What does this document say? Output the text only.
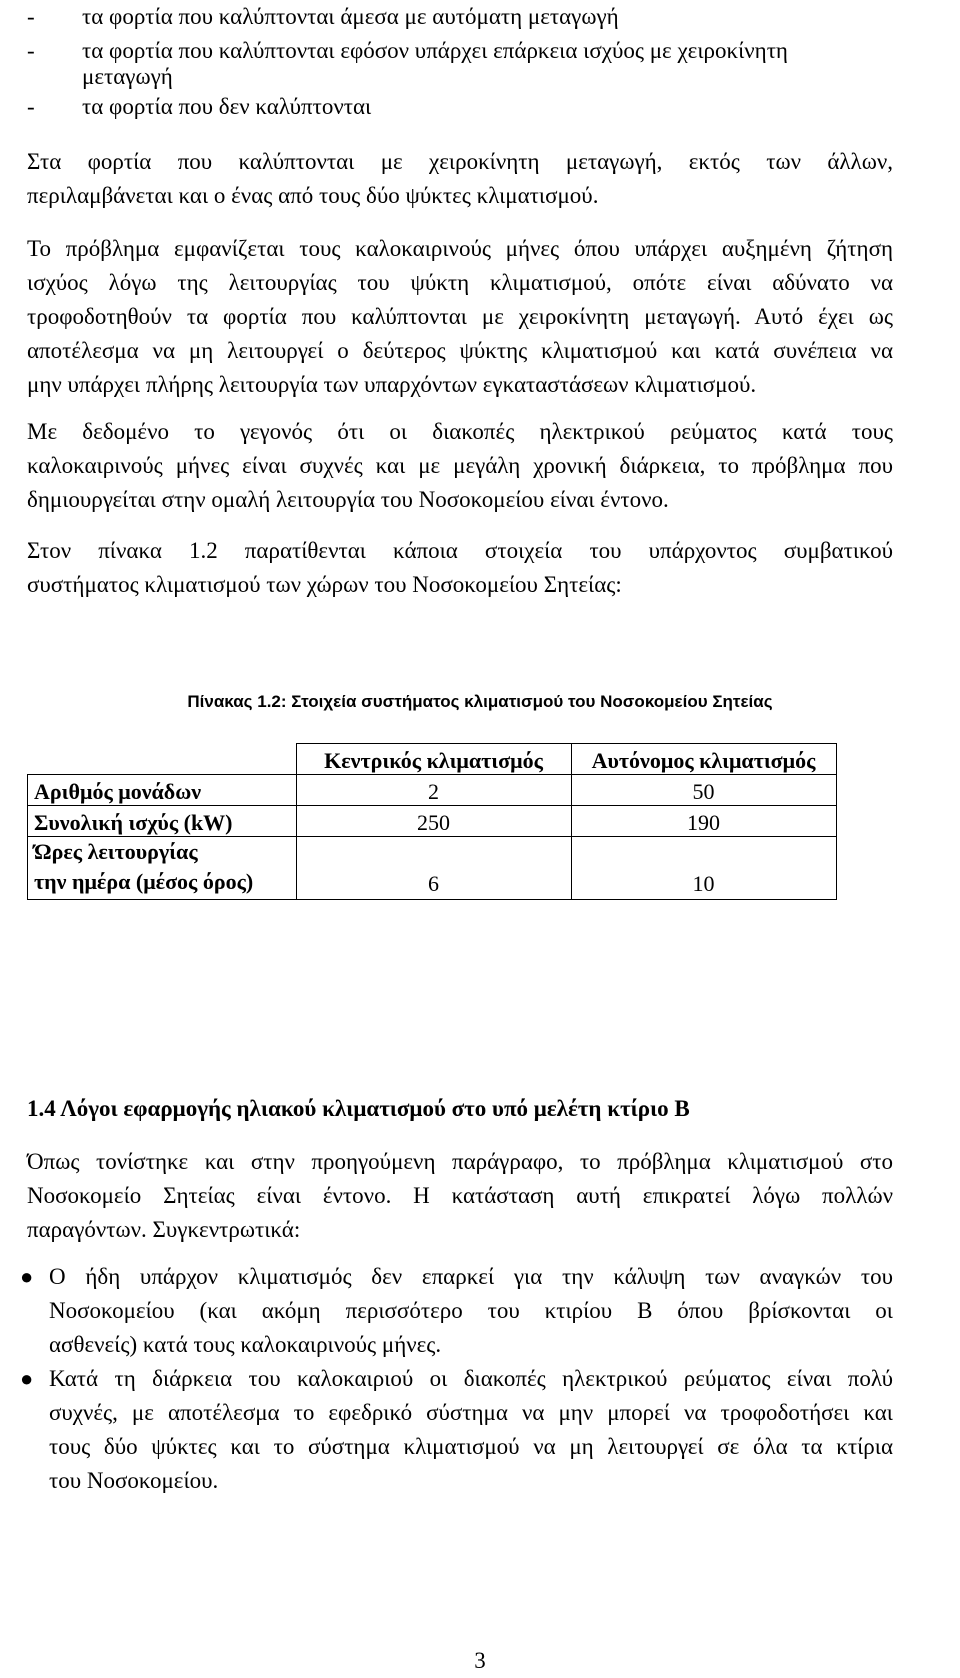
- τα φορτία που καλύπτονται άμεσα με αυτόματη μεταγωγή
- τα φορτία που καλύπτονται εφόσον υπάρχει επάρκεια ισχύος με χειροκίνητη
μεταγωγή
- τα φορτία που δεν καλύπτονται
Στα φορτία που καλύπτονται με χειροκίνητη μεταγωγή, εκτός των άλλων,
περιλαμβάνεται και ο ένας από τους δύο ψύκτες κλιματισμού.
Το πρόβλημα εμφανίζεται τους καλοκαιρινούς μήνες όπου υπάρχει αυξημένη ζήτηση
ισχύος λόγω της λειτουργίας του ψύκτη κλιματισμού, οπότε είναι αδύνατο να
τροφοδοτηθούν τα φορτία που καλύπτονται με χειροκίνητη μεταγωγή. Αυτό έχει ως
αποτέλεσμα να μη λειτουργεί ο δεύτερος ψύκτης κλιματισμού και κατά συνέπεια να
μην υπάρχει πλήρης λειτουργία των υπαρχόντων εγκαταστάσεων κλιματισμού.
Με δεδομένο το γεγονός ότι οι διακοπές ηλεκτρικού ρεύματος κατά τους
καλοκαιρινούς μήνες είναι συχνές και με μεγάλη χρονική διάρκεια, το πρόβλημα που
δημιουργείται στην ομαλή λειτουργία του Νοσοκομείου είναι έντονο.
Στον πίνακα 1.2 παρατίθενται κάποια στοιχεία του υπάρχοντος συμβατικού
συστήματος κλιματισμού των χώρων του Νοσοκομείου Σητείας:
Πίνακας 1.2: Στοιχεία συστήματος κλιματισμού του Νοσοκομείου Σητείας
	Κεντρικός κλιματισμός	Αυτόνομος κλιματισμός
Αριθμός μονάδων	2	50
Συνολική ισχύς (kW)	250	190

Ώρες λειτουργίας
την ημέρα (μέσος όρος)	6	10
1.4 Λόγοι εφαρμογής ηλιακού κλιματισμού στο υπό μελέτη κτίριο Β
Όπως τονίστηκε και στην προηγούμενη παράγραφο, το πρόβλημα κλιματισμού στο
Νοσοκομείο Σητείας είναι έντονο. Η κατάσταση αυτή επικρατεί λόγω πολλών
παραγόντων. Συγκεντρωτικά:
● Ο ήδη υπάρχον κλιματισμός δεν επαρκεί για την κάλυψη των αναγκών του
Νοσοκομείου (και ακόμη περισσότερο του κτιρίου Β όπου βρίσκονται οι
ασθενείς) κατά τους καλοκαιρινούς μήνες.
● Κατά τη διάρκεια του καλοκαιριού οι διακοπές ηλεκτρικού ρεύματος είναι πολύ
συχνές, με αποτέλεσμα το εφεδρικό σύστημα να μην μπορεί να τροφοδοτήσει και
τους δύο ψύκτες και το σύστημα κλιματισμού να μη λειτουργεί σε όλα τα κτίρια
του Νοσοκομείου.
3
